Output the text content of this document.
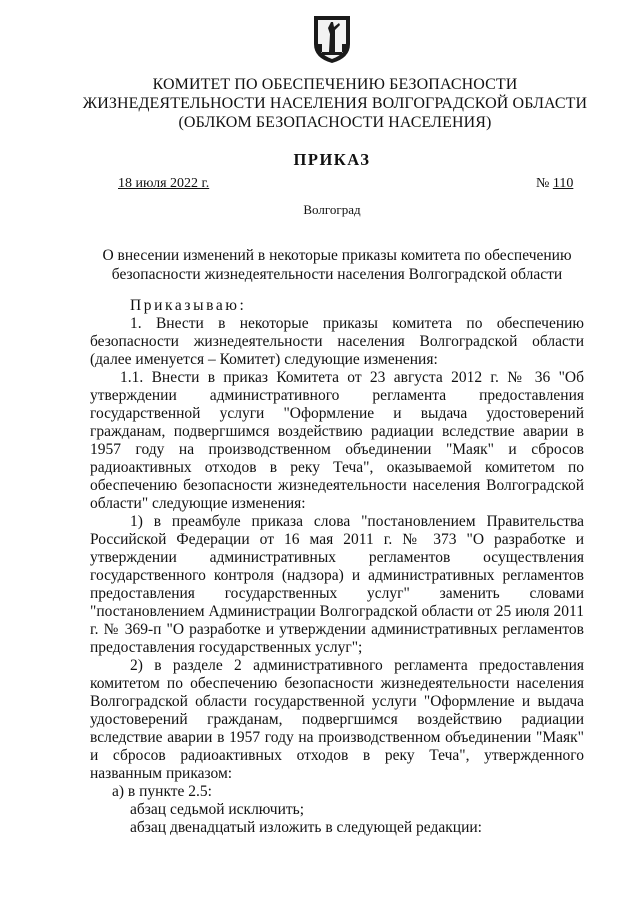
КОМИТЕТ ПО ОБЕСПЕЧЕНИЮ БЕЗОПАСНОСТИ
ЖИЗНЕДЕЯТЕЛЬНОСТИ НАСЕЛЕНИЯ ВОЛГОГРАДСКОЙ ОБЛАСТИ
(ОБЛКОМ БЕЗОПАСНОСТИ НАСЕЛЕНИЯ)
ПРИКАЗ
18 июля 2022 г.	№ 110
Волгоград
О внесении изменений в некоторые приказы комитета по обеспечению безопасности жизнедеятельности населения Волгоградской области

Приказываю:

1. Внести в некоторые приказы комитета по обеспечению безопасности жизнедеятельности населения Волгоградской области (далее именуется – Комитет) следующие изменения:

1.1. Внести в приказ Комитета от 23 августа 2012 г. № 36 "Об утверждении административного регламента предоставления государственной услуги "Оформление и выдача удостоверений гражданам, подвергшимся воздействию радиации вследствие аварии в 1957 году на производственном объединении "Маяк" и сбросов радиоактивных отходов в реку Теча", оказываемой комитетом по обеспечению безопасности жизнедеятельности населения Волгоградской области" следующие изменения:

1) в преамбуле приказа слова "постановлением Правительства Российской Федерации от 16 мая 2011 г. № 373 "О разработке и утверждении административных регламентов осуществления государственного контроля (надзора) и административных регламентов предоставления государственных услуг" заменить словами "постановлением Администрации Волгоградской области от 25 июля 2011 г. № 369-п "О разработке и утверждении административных регламентов предоставления государственных услуг";

2) в разделе 2 административного регламента предоставления комитетом по обеспечению безопасности жизнедеятельности населения Волгоградской области государственной услуги "Оформление и выдача удостоверений гражданам, подвергшимся воздействию радиации вследствие аварии в 1957 году на производственном объединении "Маяк" и сбросов радиоактивных отходов в реку Теча", утвержденного названным приказом:

а) в пункте 2.5:

абзац седьмой исключить;

абзац двенадцатый изложить в следующей редакции:
